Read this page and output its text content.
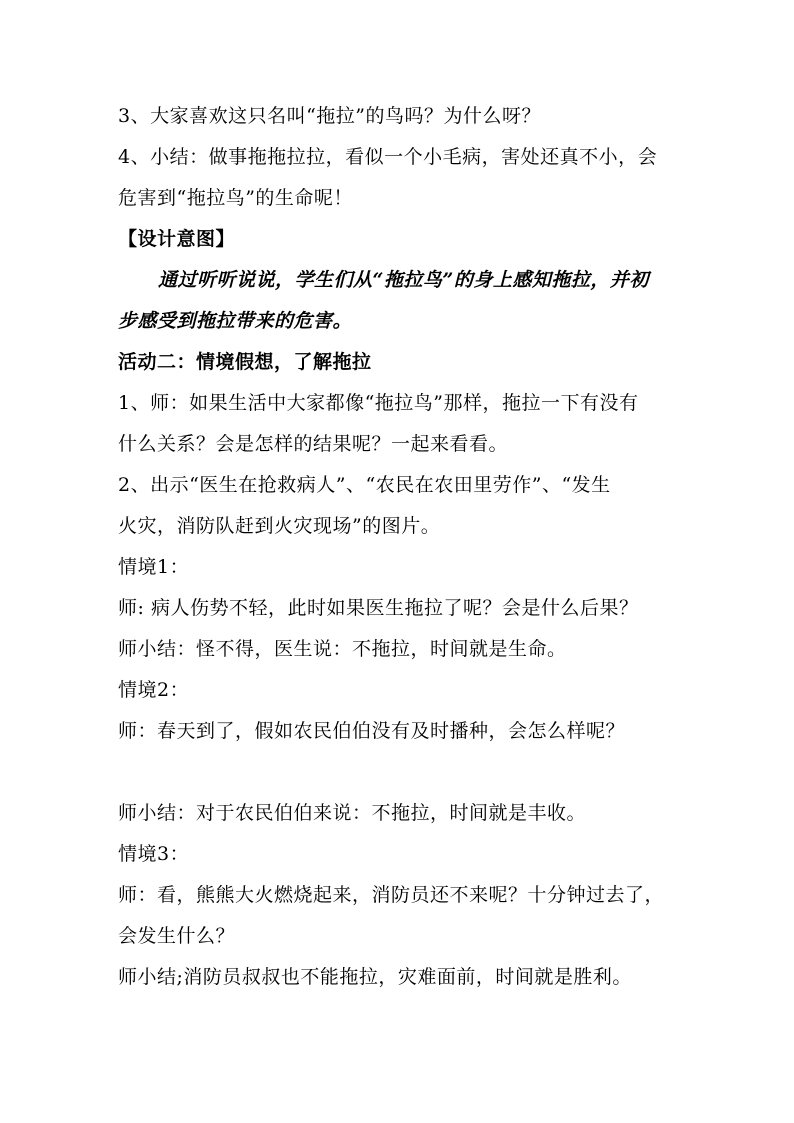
3、大家喜欢这只名叫“拖拉”的鸟吗？为什么呀？
4、小结：做事拖拖拉拉，看似一个小毛病，害处还真不小，会
危害到“拖拉鸟”的生命呢！
【设计意图】
通过听听说说，学生们从“拖拉鸟”的身上感知拖拉，并初
步感受到拖拉带来的危害。
活动二：情境假想，了解拖拉
1、师：如果生活中大家都像“拖拉鸟”那样，拖拉一下有没有
什么关系？会是怎样的结果呢？一起来看看。
2、出示“医生在抢救病人”、“农民在农田里劳作”、“发生
火灾，消防队赶到火灾现场”的图片。
情境1：
师: 病人伤势不轻，此时如果医生拖拉了呢？会是什么后果？
师小结：怪不得，医生说：不拖拉，时间就是生命。
情境2：
师：春天到了，假如农民伯伯没有及时播种，会怎么样呢？
师小结：对于农民伯伯来说：不拖拉，时间就是丰收。
情境3：
师：看，熊熊大火燃烧起来，消防员还不来呢？十分钟过去了，
会发生什么？
师小结;消防员叔叔也不能拖拉，灾难面前，时间就是胜利。
